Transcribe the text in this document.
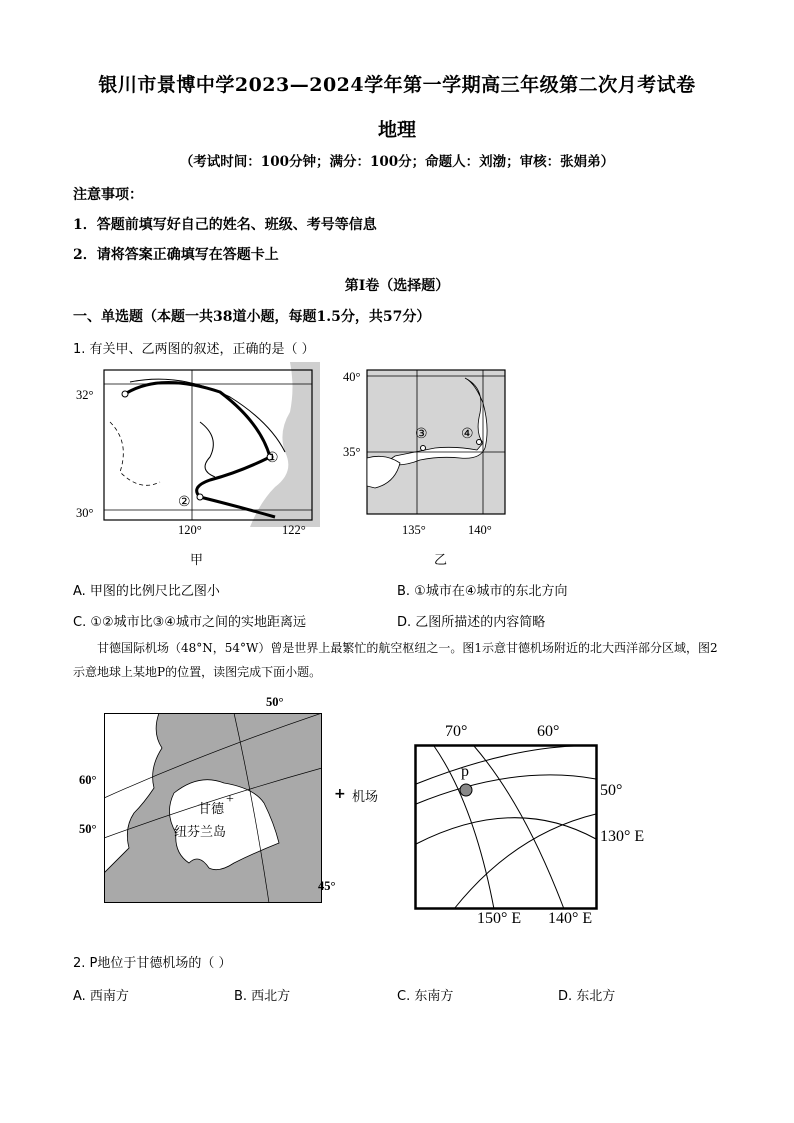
银川市景博中学2023—2024学年第一学期高三年级第二次月考试卷
地理
（考试时间：100分钟；满分：100分；命题人：刘渤；审核：张娟弟）
注意事项：
1．答题前填写好自己的姓名、班级、考号等信息
2．请将答案正确填写在答题卡上
第Ⅰ卷（选择题）
一、单选题（本题一共38道小题，每题1.5分，共57分）
1. 有关甲、乙两图的叙述，正确的是（ ）
①
②
32°
30°
120°	122°
甲
③ ④
40°
35°
135°	140°
乙
A. 甲图的比例尺比乙图小	B. ①城市在④城市的东北方向
C. ①②城市比③④城市之间的实地距离远	D. 乙图所描述的内容简略
甘德国际机场（48°N，54°W）曾是世界上最繁忙的航空枢纽之一。图1示意甘德机场附近的北大西洋部分区域，图2示意地球上某地P的位置，读图完成下面小题。
+
甘德
纽芬兰岛
50°
60°
50°
45°
+ 机场
p
70°	60°
50°
130° E
150° E 140° E
2. P地位于甘德机场的（ ）
A. 西南方	B. 西北方	C. 东南方	D. 东北方
